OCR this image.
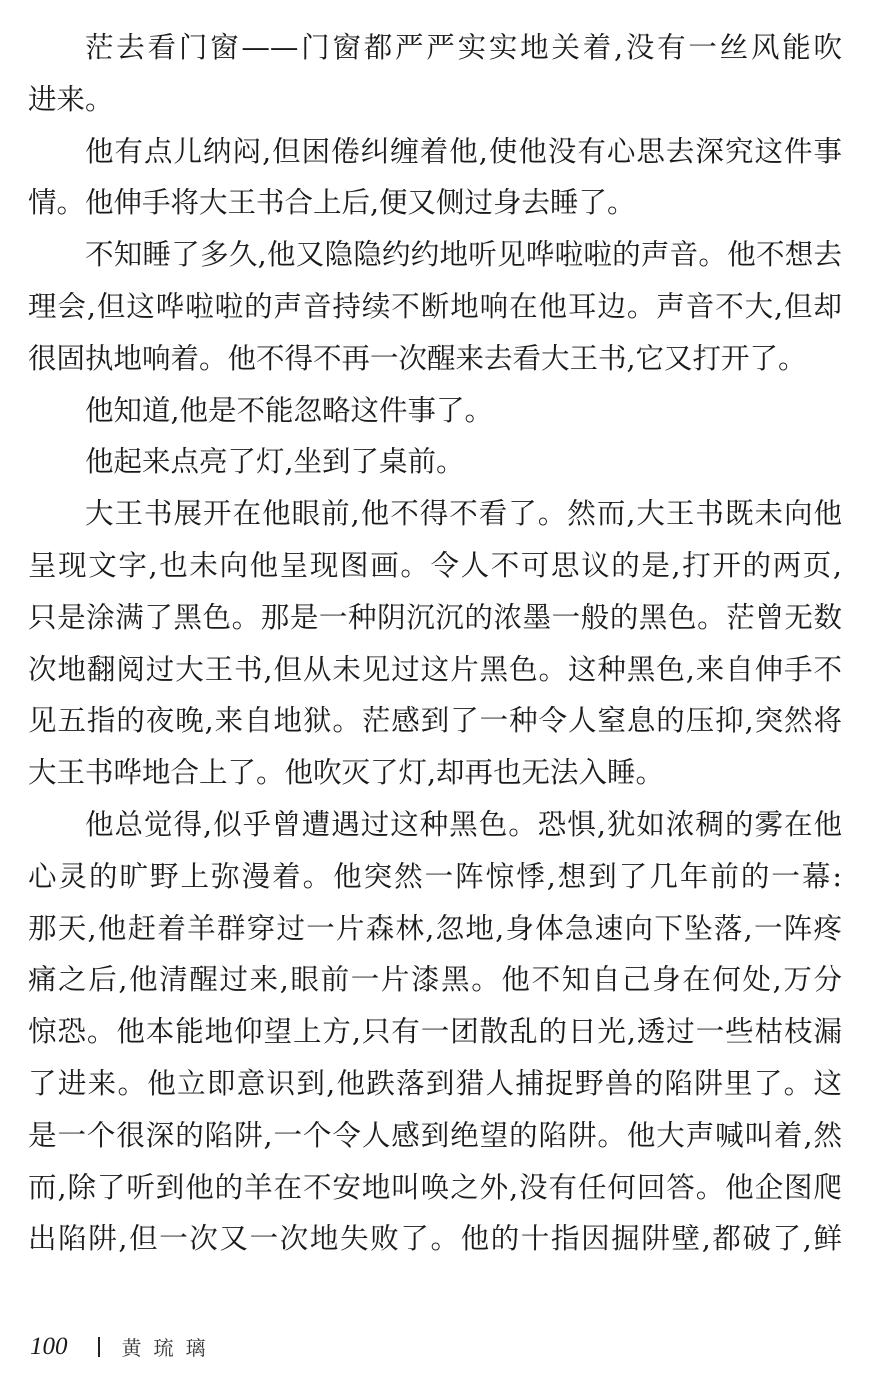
茫去看门窗——门窗都严严实实地关着,没有一丝风能吹
进来。
他有点儿纳闷,但困倦纠缠着他,使他没有心思去深究这件事
情。他伸手将大王书合上后,便又侧过身去睡了。
不知睡了多久,他又隐隐约约地听见哗啦啦的声音。他不想去
理会,但这哗啦啦的声音持续不断地响在他耳边。声音不大,但却
很固执地响着。他不得不再一次醒来去看大王书,它又打开了。
他知道,他是不能忽略这件事了。
他起来点亮了灯,坐到了桌前。
大王书展开在他眼前,他不得不看了。然而,大王书既未向他
呈现文字,也未向他呈现图画。令人不可思议的是,打开的两页,
只是涂满了黑色。那是一种阴沉沉的浓墨一般的黑色。茫曾无数
次地翻阅过大王书,但从未见过这片黑色。这种黑色,来自伸手不
见五指的夜晚,来自地狱。茫感到了一种令人窒息的压抑,突然将
大王书哗地合上了。他吹灭了灯,却再也无法入睡。
他总觉得,似乎曾遭遇过这种黑色。恐惧,犹如浓稠的雾在他
心灵的旷野上弥漫着。他突然一阵惊悸,想到了几年前的一幕:
那天,他赶着羊群穿过一片森林,忽地,身体急速向下坠落,一阵疼
痛之后,他清醒过来,眼前一片漆黑。他不知自己身在何处,万分
惊恐。他本能地仰望上方,只有一团散乱的日光,透过一些枯枝漏
了进来。他立即意识到,他跌落到猎人捕捉野兽的陷阱里了。这
是一个很深的陷阱,一个令人感到绝望的陷阱。他大声喊叫着,然
而,除了听到他的羊在不安地叫唤之外,没有任何回答。他企图爬
出陷阱,但一次又一次地失败了。他的十指因掘阱壁,都破了,鲜
100	黄琉璃
